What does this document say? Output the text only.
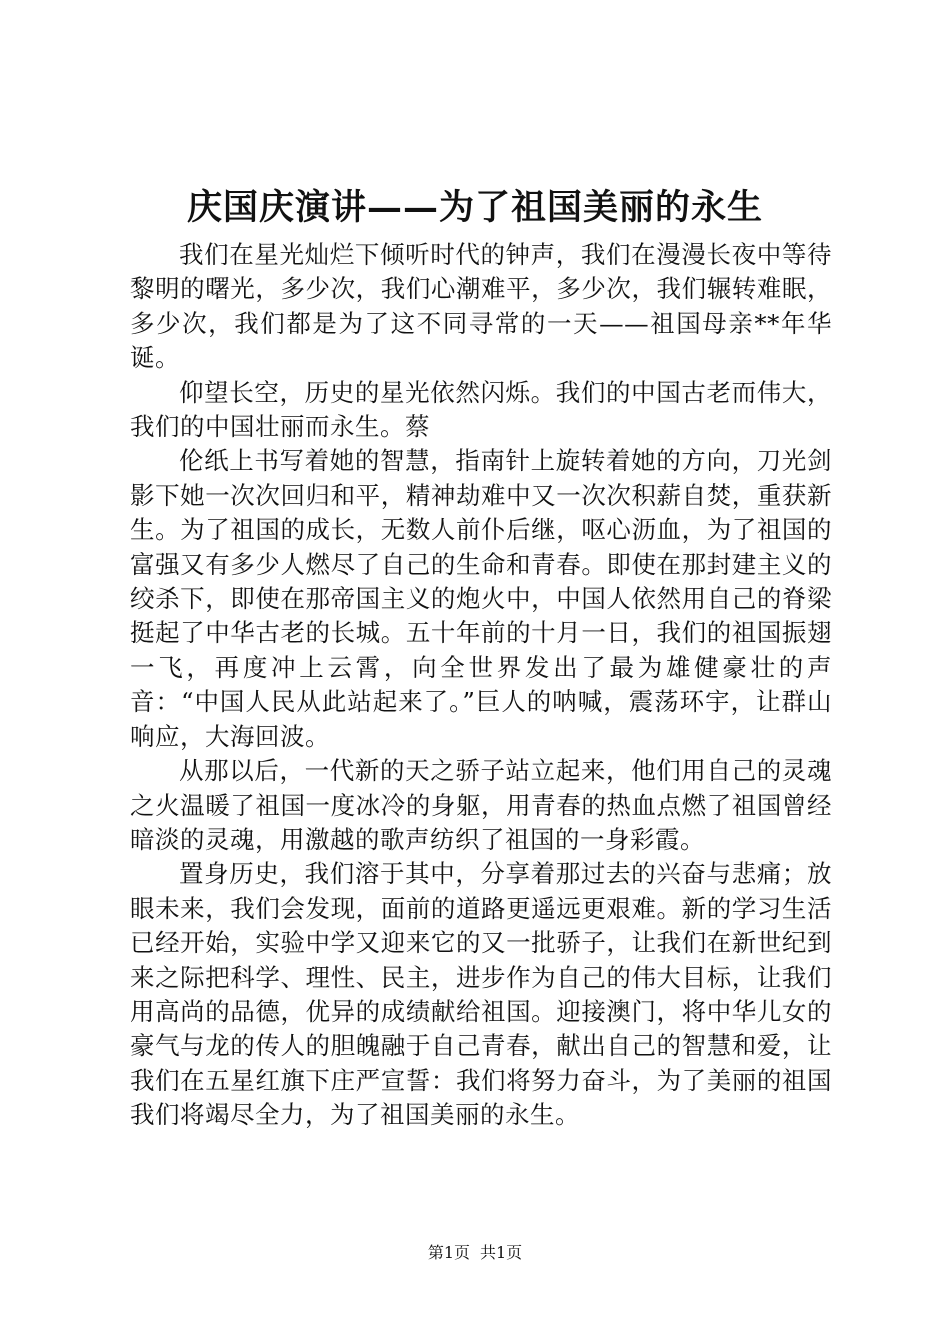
庆国庆演讲——为了祖国美丽的永生

我们在星光灿烂下倾听时代的钟声，我们在漫漫长夜中等待黎明的曙光，多少次，我们心潮难平，多少次，我们辗转难眠，多少次，我们都是为了这不同寻常的一天——祖国母亲**年华诞。

仰望长空，历史的星光依然闪烁。我们的中国古老而伟大，我们的中国壮丽而永生。蔡

伦纸上书写着她的智慧，指南针上旋转着她的方向，刀光剑影下她一次次回归和平，精神劫难中又一次次积薪自焚，重获新生。为了祖国的成长，无数人前仆后继，呕心沥血，为了祖国的富强又有多少人燃尽了自己的生命和青春。即使在那封建主义的绞杀下，即使在那帝国主义的炮火中，中国人依然用自己的脊梁挺起了中华古老的长城。五十年前的十月一日，我们的祖国振翅一飞，再度冲上云霄，向全世界发出了最为雄健豪壮的声音：“中国人民从此站起来了。”巨人的呐喊，震荡环宇，让群山响应，大海回波。

从那以后，一代新的天之骄子站立起来，他们用自己的灵魂之火温暖了祖国一度冰冷的身躯，用青春的热血点燃了祖国曾经暗淡的灵魂，用激越的歌声纺织了祖国的一身彩霞。

置身历史，我们溶于其中，分享着那过去的兴奋与悲痛；放眼未来，我们会发现，面前的道路更遥远更艰难。新的学习生活已经开始，实验中学又迎来它的又一批骄子，让我们在新世纪到来之际把科学、理性、民主，进步作为自己的伟大目标，让我们用高尚的品德，优异的成绩献给祖国。迎接澳门，将中华儿女的豪气与龙的传人的胆魄融于自己青春，献出自己的智慧和爱，让我们在五星红旗下庄严宣誓：我们将努力奋斗，为了美丽的祖国我们将竭尽全力，为了祖国美丽的永生。

第1页 共1页
